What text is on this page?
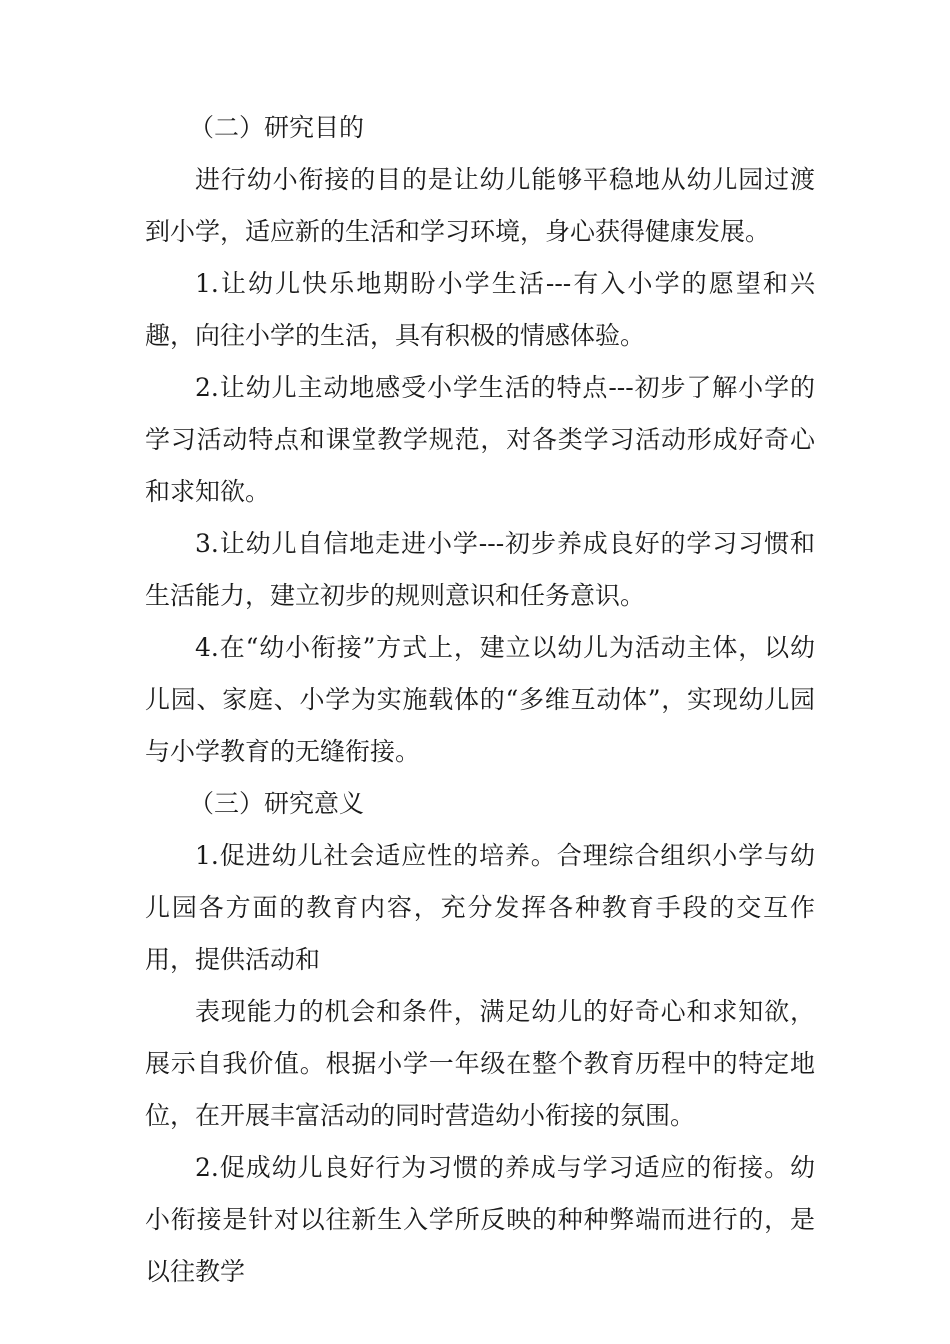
（二）研究目的

进行幼小衔接的目的是让幼儿能够平稳地从幼儿园过渡到小学，适应新的生活和学习环境，身心获得健康发展。

1.让幼儿快乐地期盼小学生活---有入小学的愿望和兴趣，向往小学的生活，具有积极的情感体验。

2.让幼儿主动地感受小学生活的特点---初步了解小学的学习活动特点和课堂教学规范，对各类学习活动形成好奇心和求知欲。

3.让幼儿自信地走进小学---初步养成良好的学习习惯和生活能力，建立初步的规则意识和任务意识。

4.在“幼小衔接”方式上，建立以幼儿为活动主体，以幼儿园、家庭、小学为实施载体的“多维互动体”，实现幼儿园与小学教育的无缝衔接。

（三）研究意义

1.促进幼儿社会适应性的培养。合理综合组织小学与幼儿园各方面的教育内容，充分发挥各种教育手段的交互作用，提供活动和

表现能力的机会和条件，满足幼儿的好奇心和求知欲，展示自我价值。根据小学一年级在整个教育历程中的特定地位，在开展丰富活动的同时营造幼小衔接的氛围。

2.促成幼儿良好行为习惯的养成与学习适应的衔接。幼小衔接是针对以往新生入学所反映的种种弊端而进行的，是以往教学
